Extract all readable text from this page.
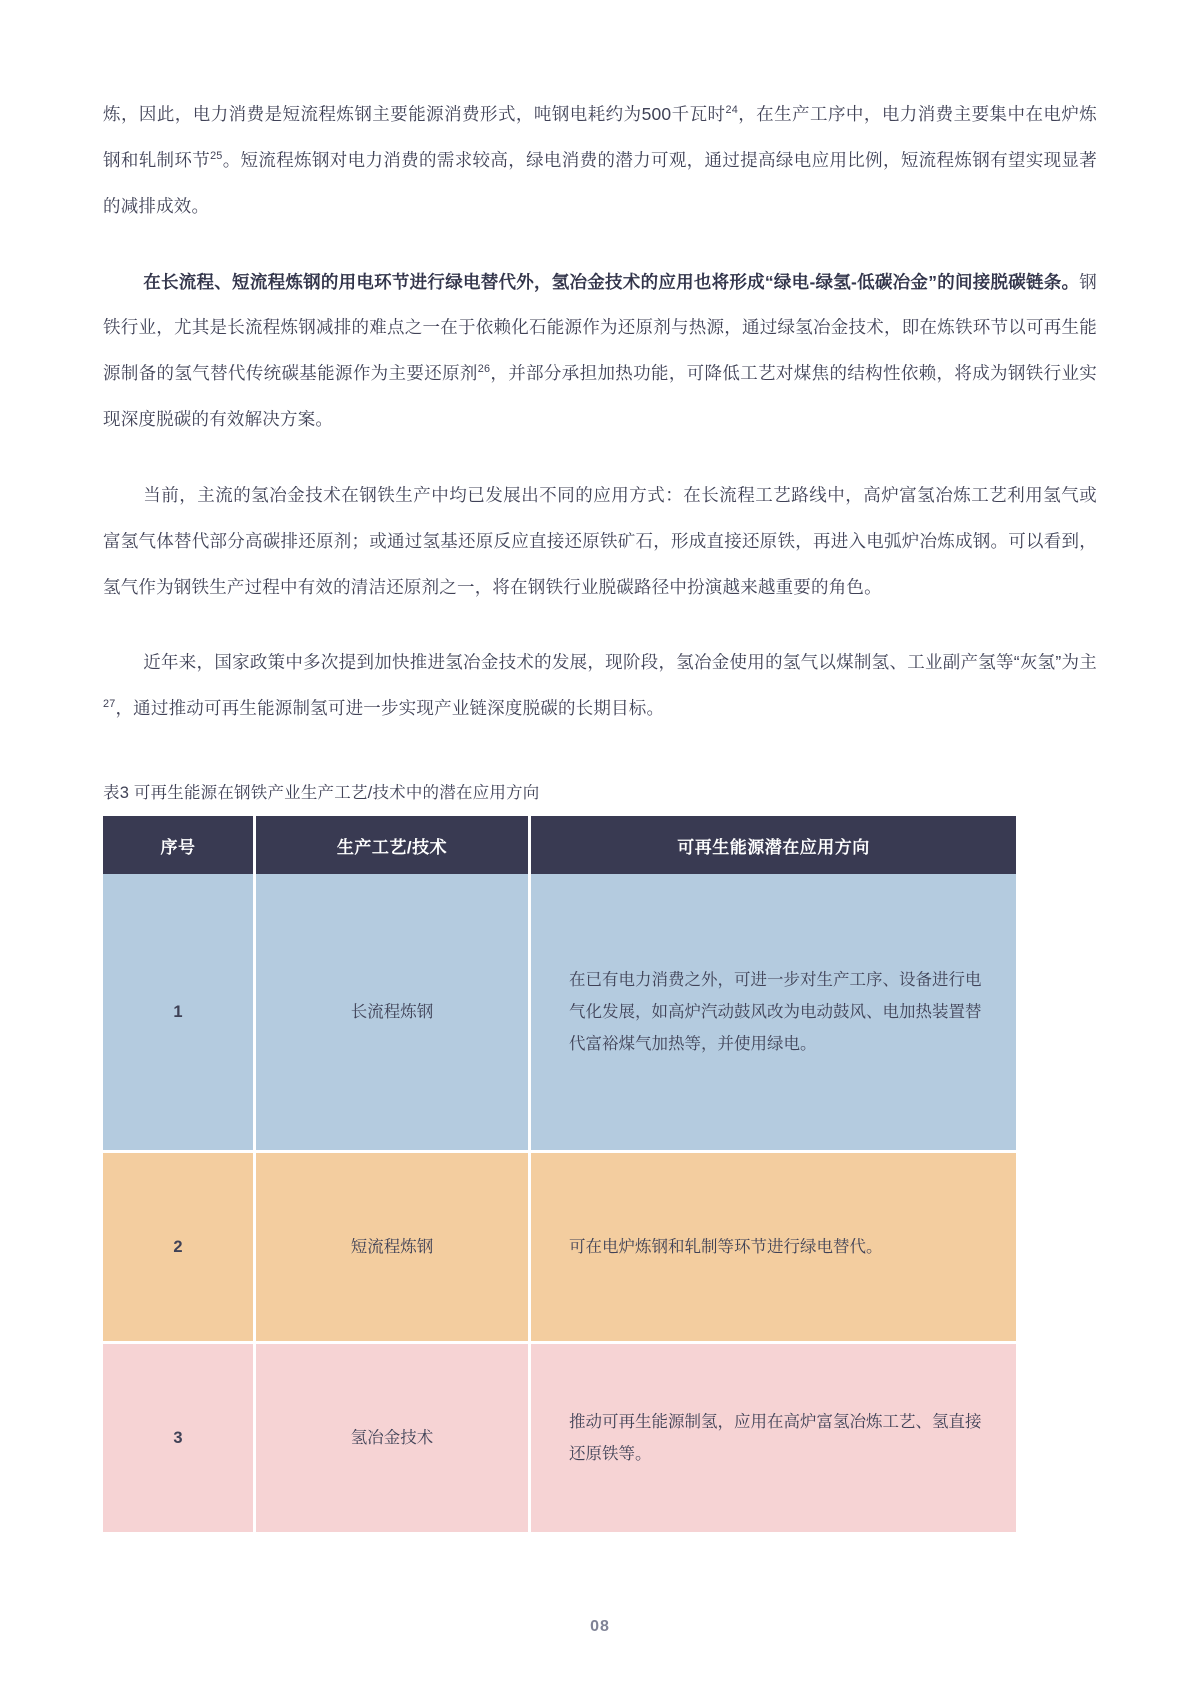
炼，因此，电力消费是短流程炼钢主要能源消费形式，吨钢电耗约为500千瓦时$^{24}$，在生产工序中，电力消费主要集中在电炉炼钢和轧制环节$^{25}$。短流程炼钢对电力消费的需求较高，绿电消费的潜力可观，通过提高绿电应用比例，短流程炼钢有望实现显著的减排成效。

在长流程、短流程炼钢的用电环节进行绿电替代外，氢冶金技术的应用也将形成“绿电-绿氢-低碳冶金”的间接脱碳链条。钢铁行业，尤其是长流程炼钢减排的难点之一在于依赖化石能源作为还原剂与热源，通过绿氢冶金技术，即在炼铁环节以可再生能源制备的氢气替代传统碳基能源作为主要还原剂$^{26}$，并部分承担加热功能，可降低工艺对煤焦的结构性依赖，将成为钢铁行业实现深度脱碳的有效解决方案。

当前，主流的氢冶金技术在钢铁生产中均已发展出不同的应用方式：在长流程工艺路线中，高炉富氢冶炼工艺利用氢气或富氢气体替代部分高碳排还原剂；或通过氢基还原反应直接还原铁矿石，形成直接还原铁，再进入电弧炉冶炼成钢。可以看到，氢气作为钢铁生产过程中有效的清洁还原剂之一，将在钢铁行业脱碳路径中扮演越来越重要的角色。

近年来，国家政策中多次提到加快推进氢冶金技术的发展，现阶段，氢冶金使用的氢气以煤制氢、工业副产氢等“灰氢”为主$^{27}$，通过推动可再生能源制氢可进一步实现产业链深度脱碳的长期目标。

表3 可再生能源在钢铁产业生产工艺/技术中的潜在应用方向

序号	生产工艺/技术	可再生能源潜在应用方向
1	长流程炼钢	在已有电力消费之外，可进一步对生产工序、设备进行电气化发展，如高炉汽动鼓风改为电动鼓风、电加热装置替代富裕煤气加热等，并使用绿电。
2	短流程炼钢	可在电炉炼钢和轧制等环节进行绿电替代。
3	氢冶金技术	推动可再生能源制氢，应用在高炉富氢冶炼工艺、氢直接还原铁等。
08
